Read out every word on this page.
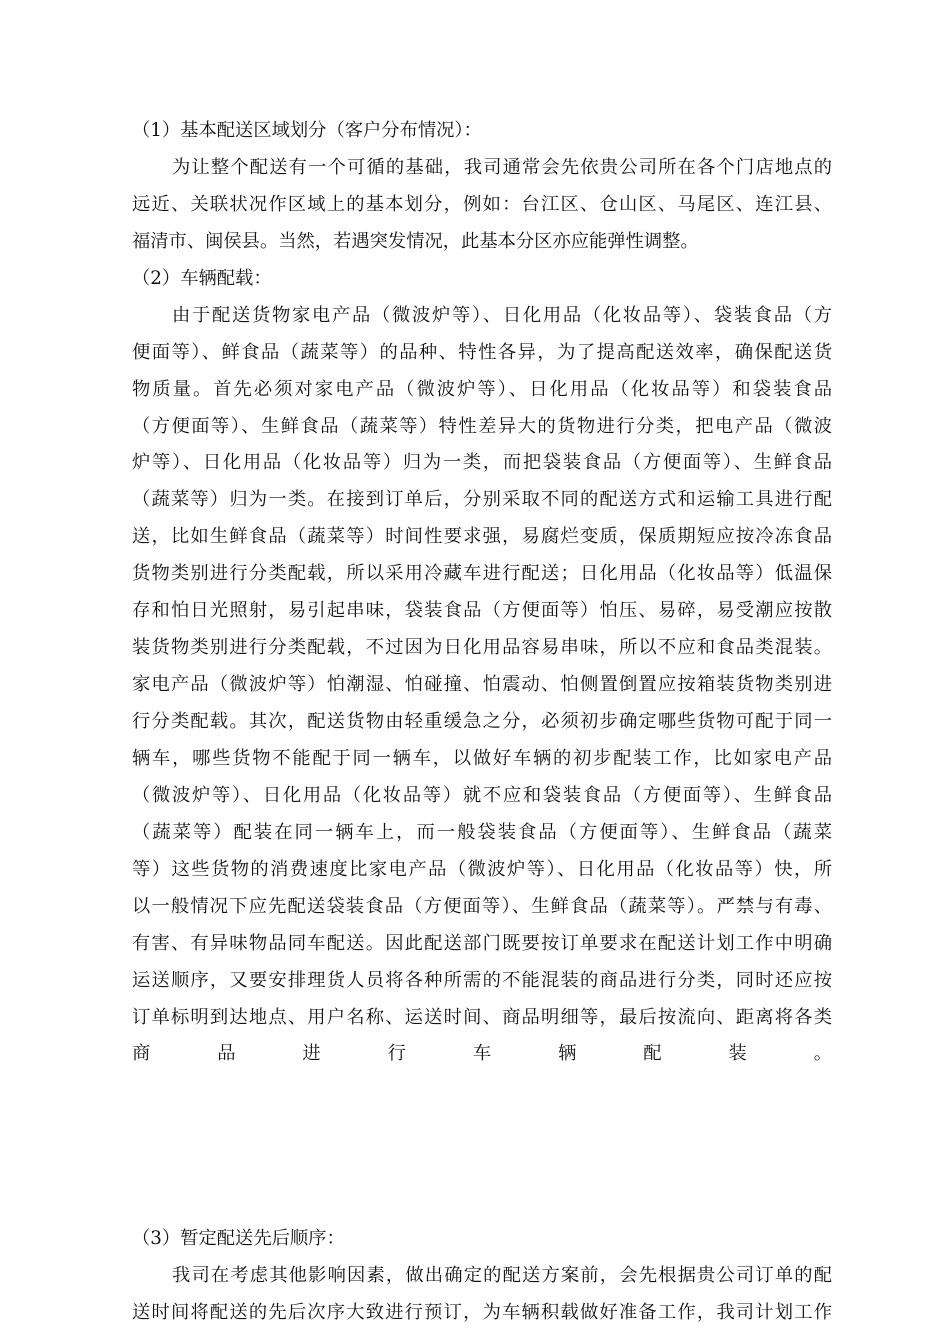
（1）基本配送区域划分（客户分布情况）：
为让整个配送有一个可循的基础，我司通常会先依贵公司所在各个门店地点的
远近、关联状况作区域上的基本划分，例如：台江区、仓山区、马尾区、连江县、
福清市、闽侯县。当然，若遇突发情况，此基本分区亦应能弹性调整。
（2）车辆配载：
由于配送货物家电产品（微波炉等）、日化用品（化妆品等）、袋装食品（方
便面等）、鲜食品（蔬菜等）的品种、特性各异，为了提高配送效率，确保配送货
物质量。首先必须对家电产品（微波炉等）、日化用品（化妆品等）和袋装食品
（方便面等）、生鲜食品（蔬菜等）特性差异大的货物进行分类，把电产品（微波
炉等）、日化用品（化妆品等）归为一类，而把袋装食品（方便面等）、生鲜食品
（蔬菜等）归为一类。在接到订单后，分别采取不同的配送方式和运输工具进行配
送，比如生鲜食品（蔬菜等）时间性要求强，易腐烂变质，保质期短应按冷冻食品
货物类别进行分类配载，所以采用冷藏车进行配送；日化用品（化妆品等）低温保
存和怕日光照射，易引起串味，袋装食品（方便面等）怕压、易碎，易受潮应按散
装货物类别进行分类配载，不过因为日化用品容易串味，所以不应和食品类混装。
家电产品（微波炉等）怕潮湿、怕碰撞、怕震动、怕侧置倒置应按箱装货物类别进
行分类配载。其次，配送货物由轻重缓急之分，必须初步确定哪些货物可配于同一
辆车，哪些货物不能配于同一辆车，以做好车辆的初步配装工作，比如家电产品
（微波炉等）、日化用品（化妆品等）就不应和袋装食品（方便面等）、生鲜食品
（蔬菜等）配装在同一辆车上，而一般袋装食品（方便面等）、生鲜食品（蔬菜
等）这些货物的消费速度比家电产品（微波炉等）、日化用品（化妆品等）快，所
以一般情况下应先配送袋装食品（方便面等）、生鲜食品（蔬菜等）。严禁与有毒、
有害、有异味物品同车配送。因此配送部门既要按订单要求在配送计划工作中明确
运送顺序，又要安排理货人员将各种所需的不能混装的商品进行分类，同时还应按
订单标明到达地点、用户名称、运送时间、商品明细等，最后按流向、距离将各类
商品进行车辆配装。
（3）暂定配送先后顺序：
我司在考虑其他影响因素，做出确定的配送方案前，会先根据贵公司订单的配
送时间将配送的先后次序大致进行预订，为车辆积载做好准备工作，我司计划工作
